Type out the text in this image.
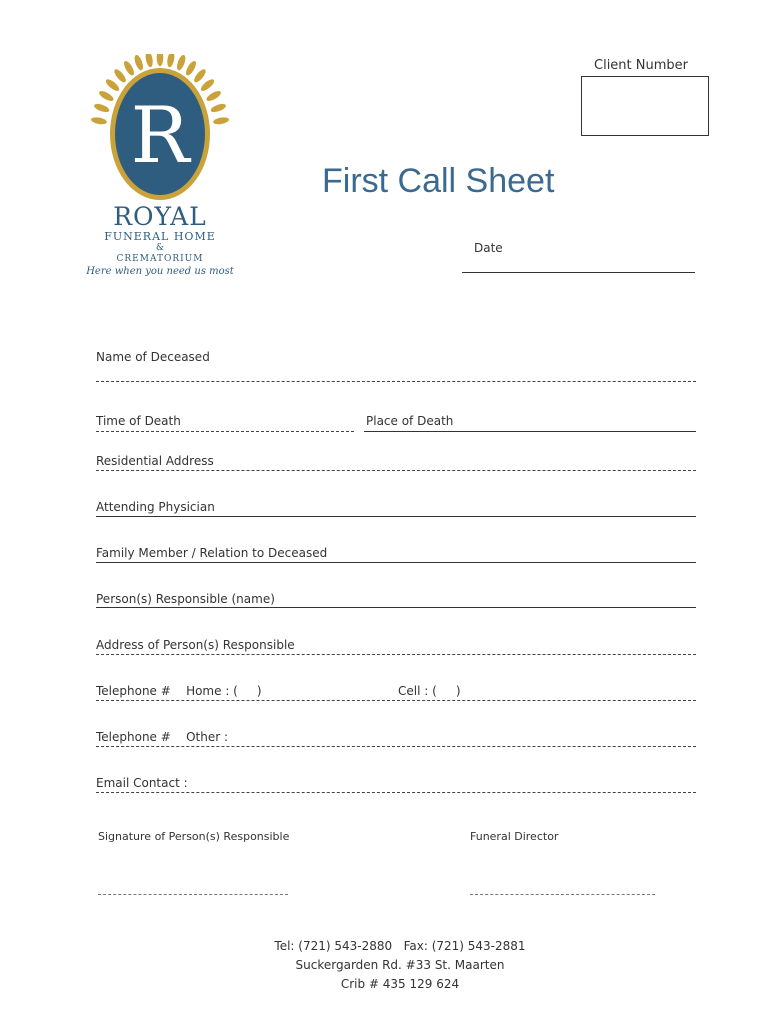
Client Number
R
ROYAL
FUNERAL HOME
&
CREMATORIUM
Here when you need us most
First Call Sheet
Date
Name of Deceased
Time of Death	Place of Death
Residential Address
Attending Physician
Family Member / Relation to Deceased
Person(s) Responsible (name)
Address of Person(s) Responsible
Telephone #    Home : (     )	Cell : (     )
Telephone #    Other :
Email Contact :
Signature of Person(s) Responsible	Funeral Director
Tel: (721) 543-2880   Fax: (721) 543-2881
Suckergarden Rd. #33 St. Maarten
Crib # 435 129 624
